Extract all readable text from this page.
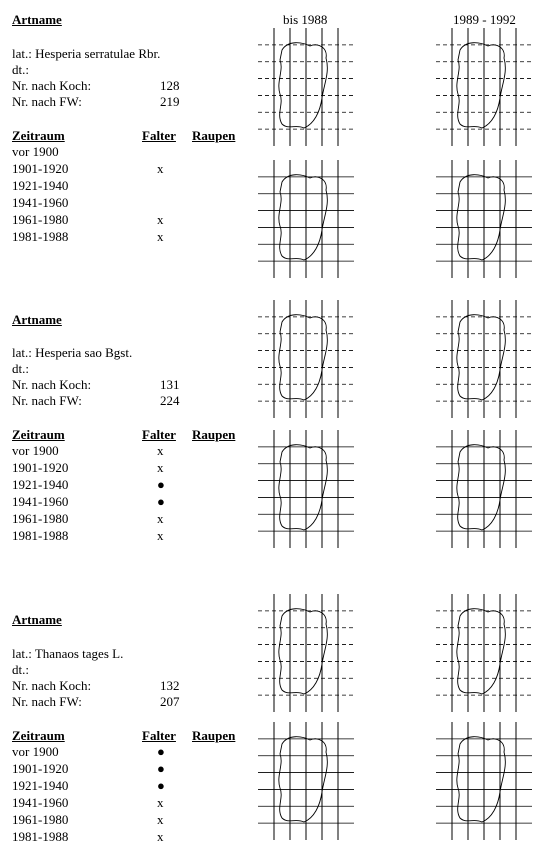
bis 1988	1989 - 1992
Artname
lat.: Hesperia serratulae Rbr.
dt.:
Nr. nach Koch:	128
Nr. nach FW:	219
Zeitraum	Falter Raupen
vor 1900
1901-1920	x
1921-1940
1941-1960
1961-1980	x
1981-1988	x
Artname
lat.: Hesperia sao Bgst.
dt.:
Nr. nach Koch:	131
Nr. nach FW:	224
Zeitraum	Falter Raupen
vor 1900	x
1901-1920	x
1921-1940	●
1941-1960	●
1961-1980	x
1981-1988	x
Artname
lat.: Thanaos tages L.
dt.:
Nr. nach Koch:	132
Nr. nach FW:	207
Zeitraum	Falter Raupen
vor 1900	●
1901-1920	●
1921-1940	●
1941-1960	x
1961-1980	x
1981-1988	x
